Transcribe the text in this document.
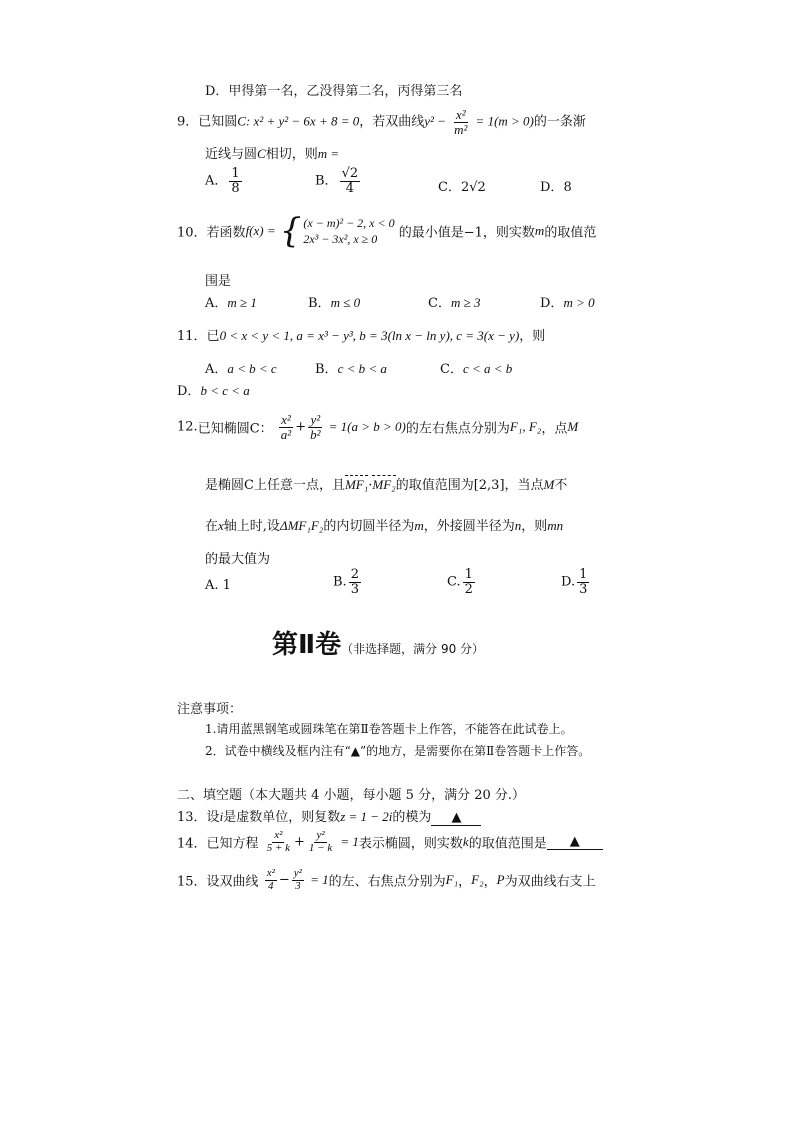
D．甲得第一名，乙没得第二名，丙得第三名
9．已知圆C: x² + y² − 6x + 8 = 0，若双曲线$y^2 - \frac{\text{x²}}{\text{m²}} = 1(m > 0)$的一条渐
近线与圆C相切，则m =
A． $\frac{1}{8}$	B． $\frac{√2}{4}$	C．2√2	D．8
10．若函数f(x) = { (x − m)² − 2, x < 0
2x³ − 3x², x ≥ 0	的最小值是−1，则实数m的取值范
围是
A．m ≥ 1	B．m ≤ 0	C．m ≥ 3	D．m > 0
11．已0 < x < y < 1, a = x³ − y³, b = 3(ln x − ln y), c = 3(x − y)，则
A．a < b < c	B．c < b < a	C．c < a < b
D．b < c < a
12.已知椭圆C： $\frac{\text{x²}}{\text{a²}} + \frac{\text{y²}}{\text{b²}} = 1(a > b > 0)$的左右焦点分别为F₁, F₂，点M
是椭圆C上任意一点，且MF₁·MF₂的取值范围为[2,3]，当点M不
在x轴上时,设ΔMF₁F₂的内切圆半径为m，外接圆半径为n，则mn
的最大值为
A. 1	B. $\frac{2}{3}$	C. $\frac{1}{2}$	D. $\frac{1}{3}$
第Ⅱ卷（非选择题，满分 90 分）
注意事项：
1.请用蓝黑钢笔或圆珠笔在第Ⅱ卷答题卡上作答，不能答在此试卷上。
2．试卷中横线及框内注有“▲”的地方，是需要你在第Ⅱ卷答题卡上作答。
二、填空题（本大题共 4 小题，每小题 5 分，满分 20 分.）
13．设i是虚数单位，则复数z = 1 − 2i的模为 ▲
14．已知方程 $\frac{\text{x²}}{5 + k} + \frac{\text{y²}}{1 - k} = 1$表示椭圆，则实数k的取值范围是 ▲
15．设双曲线 $\frac{\text{x²}}{4} - \frac{\text{y²}}{3} = 1$的左、右焦点分别为F₁，F₂，P为双曲线右支上
